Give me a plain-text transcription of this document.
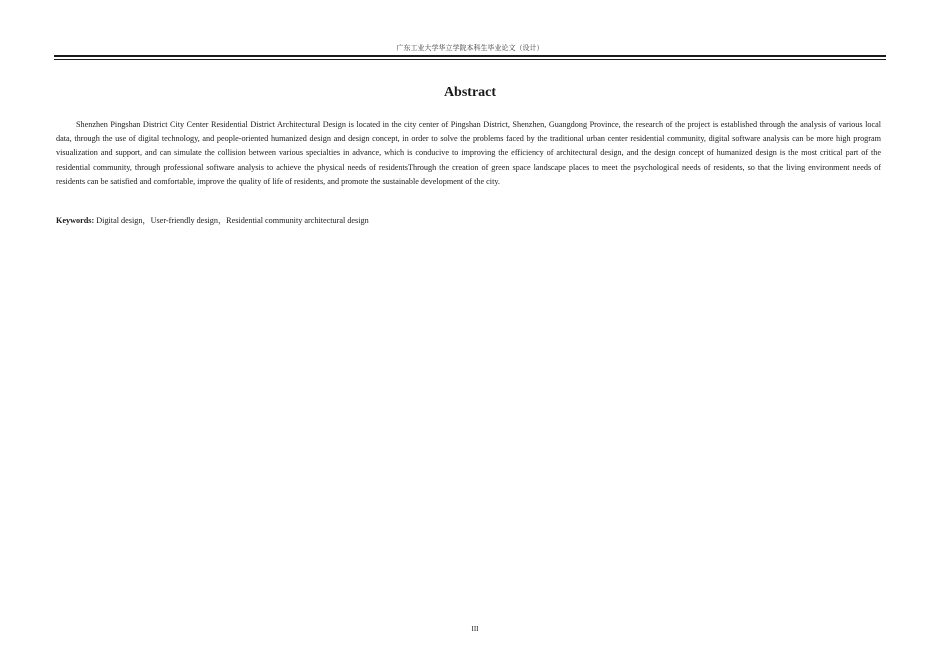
广东工业大学华立学院本科生毕业论文（设计）
Abstract

Shenzhen Pingshan District City Center Residential District Architectural Design is located in the city center of Pingshan District, Shenzhen, Guangdong Province, the research of the project is established through the analysis of various local data, through the use of digital technology, and people-oriented humanized design and design concept, in order to solve the problems faced by the traditional urban center residential community, digital software analysis can be more high program visualization and support, and can simulate the collision between various specialties in advance, which is conducive to improving the efficiency of architectural design, and the design concept of humanized design is the most critical part of the residential community, through professional software analysis to achieve the physical needs of residentsThrough the creation of green space landscape places to meet the psychological needs of residents, so that the living environment needs of residents can be satisfied and comfortable, improve the quality of life of residents, and promote the sustainable development of the city.

Keywords: Digital design，User-friendly design，Residential community architectural design

III
